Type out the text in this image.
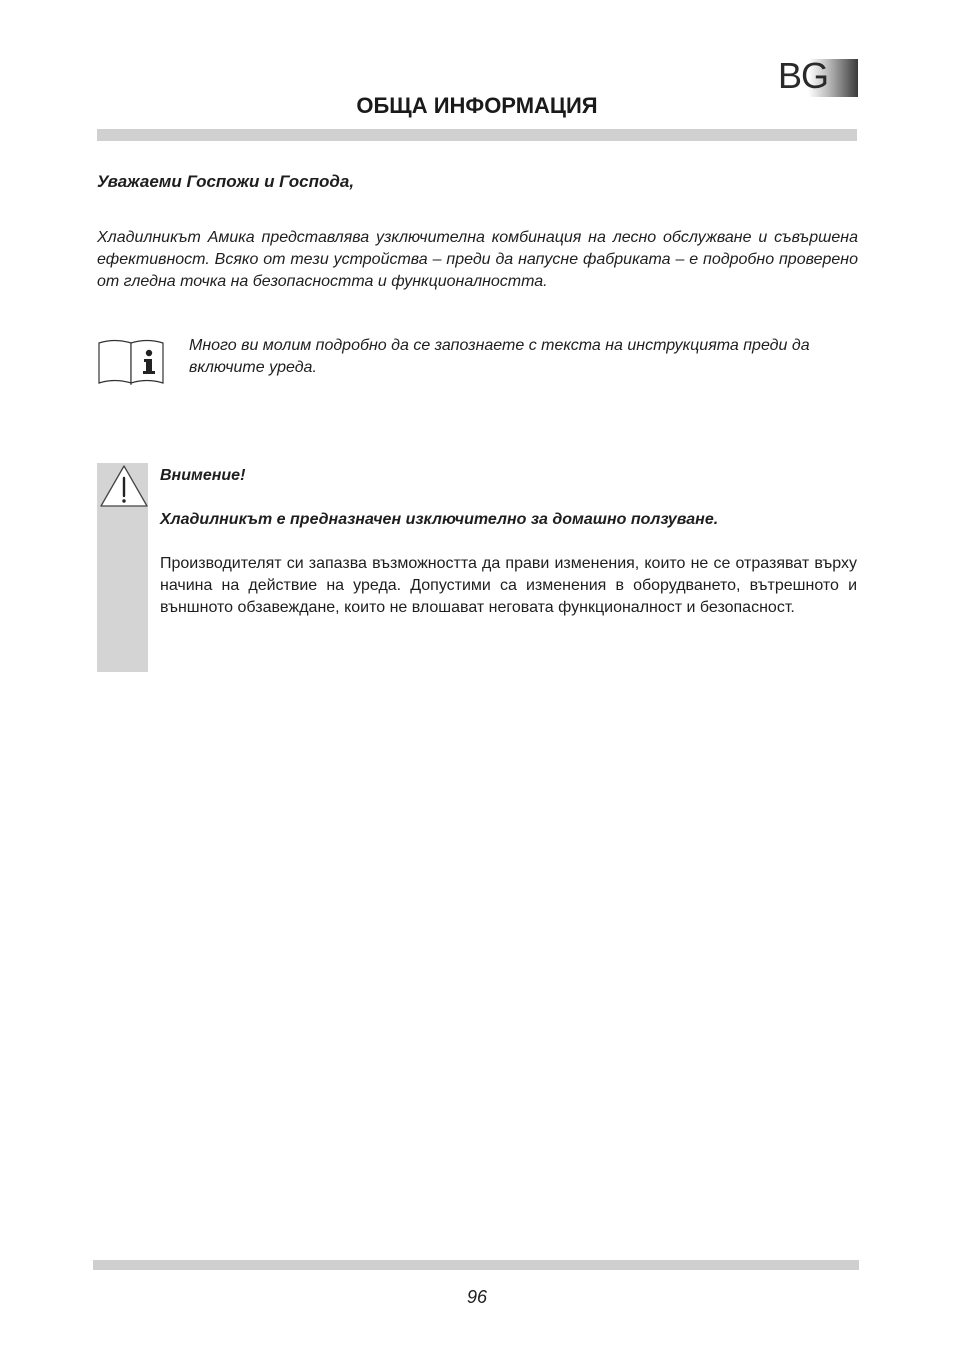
BG
ОБЩА ИНФОРМАЦИЯ
Уважаеми Госпожи и Господа,

Хладилникът Амика представлява узключителна комбинация на лесно обслужване и съвършена ефективност. Всяко от тези устройства – преди да напусне фабриката – е подробно проверено от гледна точка на безопасността и функционалността.

Много ви молим подробно да се запознаете с текста на инструкцията преди да включите уреда.

Внимение!
Хладилникът е предназначен изключително за домашно ползуване.

Производителят си запазва възможността да прави изменения, които не се отразяват върху начина на действие на уреда. Допустими са изменения в оборудването, вътрешното и външното обзавеждане, които не влошават неговата функционалност и безопасност.

96
